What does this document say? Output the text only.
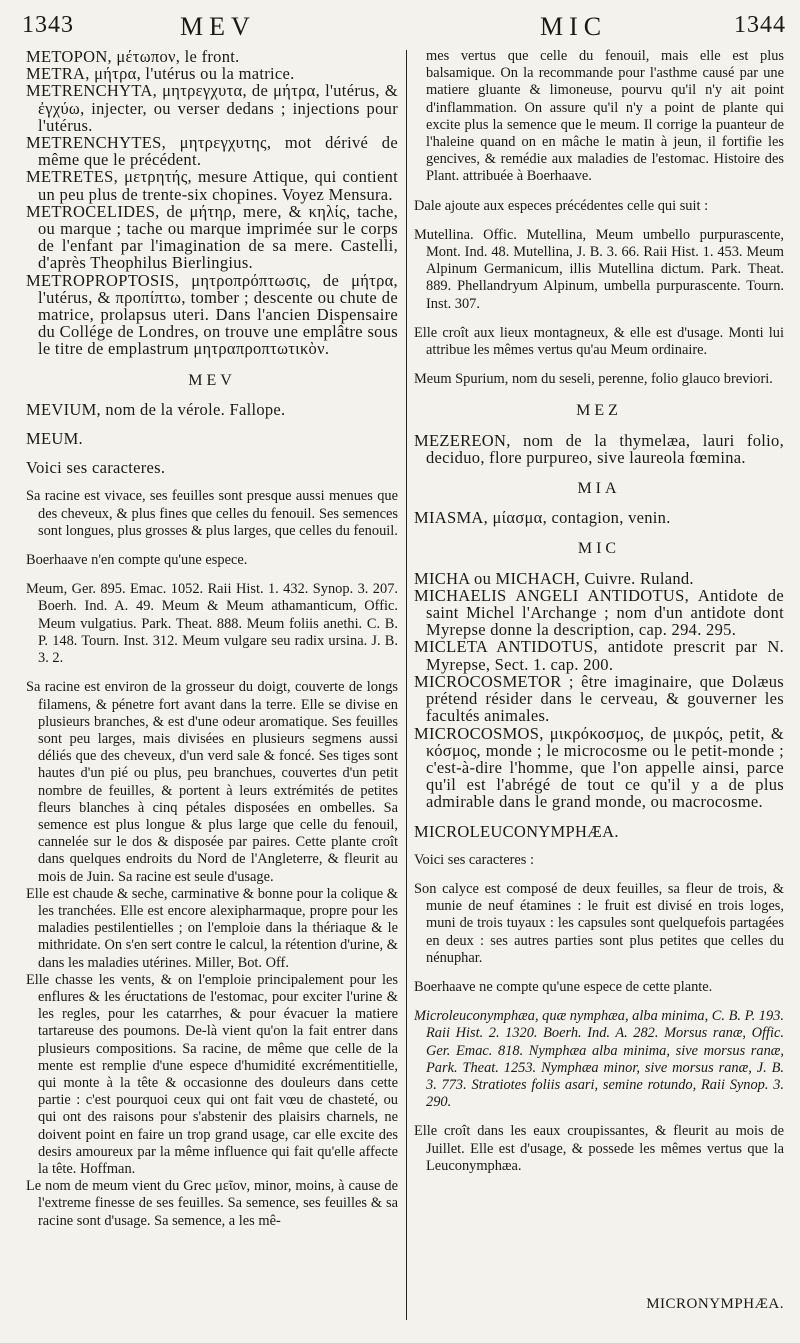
1343	MEV	MIC	1344

METOPON, μέτωπον, le front.

METRA, μήτρα, l'utérus ou la matrice.

METRENCHYTA, μητρεγχυτα, de μήτρα, l'utérus, & ἐγχύω, injecter, ou verser dedans ; injections pour l'utérus.

METRENCHYTES, μητρεγχυτης, mot dérivé de même que le précédent.

METRETES, μετρητής, mesure Attique, qui contient un peu plus de trente-six chopines. Voyez Mensura.

METROCELIDES, de μήτηρ, mere, & κηλίς, tache, ou marque ; tache ou marque imprimée sur le corps de l'enfant par l'imagination de sa mere. Castelli, d'après Theophilus Bierlingius.

METROPROPTOSIS, μητροπρόπτωσις, de μήτρα, l'utérus, & προπίπτω, tomber ; descente ou chute de matrice, prolapsus uteri. Dans l'ancien Dispensaire du Collége de Londres, on trouve une emplâtre sous le titre de emplastrum μητραπροπτωτικὸν.

MEV

MEVIUM, nom de la vérole. Fallope.

MEUM.

Voici ses caracteres.

Sa racine est vivace, ses feuilles sont presque aussi menues que des cheveux, & plus fines que celles du fenouil. Ses semences sont longues, plus grosses & plus larges, que celles du fenouil.

Boerhaave n'en compte qu'une espece.

Meum, Ger. 895. Emac. 1052. Raii Hist. 1. 432. Synop. 3. 207. Boerh. Ind. A. 49. Meum & Meum athamanticum, Offic. Meum vulgatius. Park. Theat. 888. Meum foliis anethi. C. B. P. 148. Tourn. Inst. 312. Meum vulgare seu radix ursina. J. B. 3. 2.

Sa racine est environ de la grosseur du doigt, couverte de longs filamens, & pénetre fort avant dans la terre. Elle se divise en plusieurs branches, & est d'une odeur aromatique. Ses feuilles sont peu larges, mais divisées en plusieurs segmens aussi déliés que des cheveux, d'un verd sale & foncé. Ses tiges sont hautes d'un pié ou plus, peu branchues, couvertes d'un petit nombre de feuilles, & portent à leurs extrémités de petites fleurs blanches à cinq pétales disposées en ombelles. Sa semence est plus longue & plus large que celle du fenouil, cannelée sur le dos & disposée par paires. Cette plante croît dans quelques endroits du Nord de l'Angleterre, & fleurit au mois de Juin. Sa racine est seule d'usage.

Elle est chaude & seche, carminative & bonne pour la colique & les tranchées. Elle est encore alexipharmaque, propre pour les maladies pestilentielles ; on l'emploie dans la thériaque & le mithridate. On s'en sert contre le calcul, la rétention d'urine, & dans les maladies utérines. Miller, Bot. Off.

Elle chasse les vents, & on l'emploie principalement pour les enflures & les éructations de l'estomac, pour exciter l'urine & les regles, pour les catarrhes, & pour évacuer la matiere tartareuse des poumons. De-là vient qu'on la fait entrer dans plusieurs compositions. Sa racine, de même que celle de la mente est remplie d'une espece d'humidité excrémentitielle, qui monte à la tête & occasionne des douleurs dans cette partie : c'est pourquoi ceux qui ont fait vœu de chasteté, ou qui ont des raisons pour s'abstenir des plaisirs charnels, ne doivent point en faire un trop grand usage, car elle excite des desirs amoureux par la même influence qui fait qu'elle affecte la tête. Hoffman.

Le nom de meum vient du Grec μεῖον, minor, moins, à cause de l'extreme finesse de ses feuilles. Sa semence, ses feuilles & sa racine sont d'usage. Sa semence, a les mê-

mes vertus que celle du fenouil, mais elle est plus balsamique. On la recommande pour l'asthme causé par une matiere gluante & limoneuse, pourvu qu'il n'y ait point d'inflammation. On assure qu'il n'y a point de plante qui excite plus la semence que le meum. Il corrige la puanteur de l'haleine quand on en mâche le matin à jeun, il fortifie les gencives, & remédie aux maladies de l'estomac. Histoire des Plant. attribuée à Boerhaave.

Dale ajoute aux especes précédentes celle qui suit :

Mutellina. Offic. Mutellina, Meum umbello purpurascente, Mont. Ind. 48. Mutellina, J. B. 3. 66. Raii Hist. 1. 453. Meum Alpinum Germanicum, illis Mutellina dictum. Park. Theat. 889. Phellandryum Alpinum, umbella purpurascente. Tourn. Inst. 307.

Elle croît aux lieux montagneux, & elle est d'usage. Monti lui attribue les mêmes vertus qu'au Meum ordinaire.

Meum Spurium, nom du seseli, perenne, folio glauco breviori.

MEZ

MEZEREON, nom de la thymelæa, lauri folio, deciduo, flore purpureo, sive laureola fœmina.

MIA

MIASMA, μίασμα, contagion, venin.

MIC

MICHA ou MICHACH, Cuivre. Ruland.

MICHAELIS ANGELI ANTIDOTUS, Antidote de saint Michel l'Archange ; nom d'un antidote dont Myrepse donne la description, cap. 294. 295.

MICLETA ANTIDOTUS, antidote prescrit par N. Myrepse, Sect. 1. cap. 200.

MICROCOSMETOR ; être imaginaire, que Dolæus prétend résider dans le cerveau, & gouverner les facultés animales.

MICROCOSMOS, μικρόκοσμος, de μικρός, petit, & κόσμος, monde ; le microcosme ou le petit-monde ; c'est-à-dire l'homme, que l'on appelle ainsi, parce qu'il est l'abrégé de tout ce qu'il y a de plus admirable dans le grand monde, ou macrocosme.

MICROLEUCONYMPHÆA.

Voici ses caracteres :

Son calyce est composé de deux feuilles, sa fleur de trois, & munie de neuf étamines : le fruit est divisé en trois loges, muni de trois tuyaux : les capsules sont quelquefois partagées en deux : ses autres parties sont plus petites que celles du nénuphar.

Boerhaave ne compte qu'une espece de cette plante.

Microleuconymphæa, quæ nymphæa, alba minima, C. B. P. 193. Raii Hist. 2. 1320. Boerh. Ind. A. 282. Morsus ranæ, Offic. Ger. Emac. 818. Nymphæa alba minima, sive morsus ranæ, Park. Theat. 1253. Nymphæa minor, sive morsus ranæ, J. B. 3. 773. Stratiotes foliis asari, semine rotundo, Raii Synop. 3. 290.

Elle croît dans les eaux croupissantes, & fleurit au mois de Juillet. Elle est d'usage, & possede les mêmes vertus que la Leuconymphæa.

MICRONYMPHÆA.
